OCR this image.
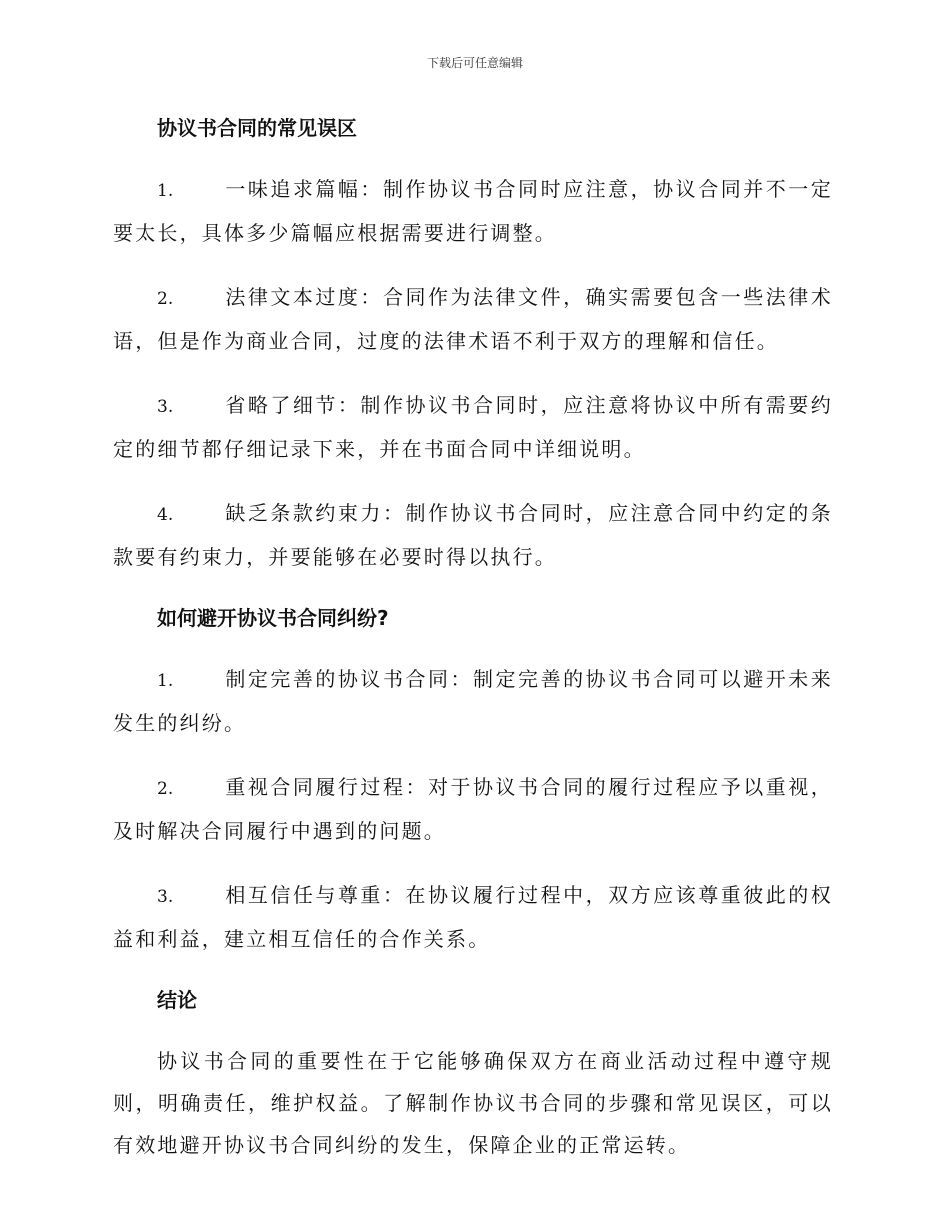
下载后可任意编辑
协议书合同的常见误区
1.	一味追求篇幅：制作协议书合同时应注意，协议合同并不一定要太长，具体多少篇幅应根据需要进行调整。
2.	法律文本过度：合同作为法律文件，确实需要包含一些法律术语，但是作为商业合同，过度的法律术语不利于双方的理解和信任。
3.	省略了细节：制作协议书合同时，应注意将协议中所有需要约定的细节都仔细记录下来，并在书面合同中详细说明。
4.	缺乏条款约束力：制作协议书合同时，应注意合同中约定的条款要有约束力，并要能够在必要时得以执行。
如何避开协议书合同纠纷?
1.	制定完善的协议书合同：制定完善的协议书合同可以避开未来发生的纠纷。
2.	重视合同履行过程：对于协议书合同的履行过程应予以重视，及时解决合同履行中遇到的问题。
3.	相互信任与尊重：在协议履行过程中，双方应该尊重彼此的权益和利益，建立相互信任的合作关系。
结论

协议书合同的重要性在于它能够确保双方在商业活动过程中遵守规则，明确责任，维护权益。了解制作协议书合同的步骤和常见误区，可以有效地避开协议书合同纠纷的发生，保障企业的正常运转。
